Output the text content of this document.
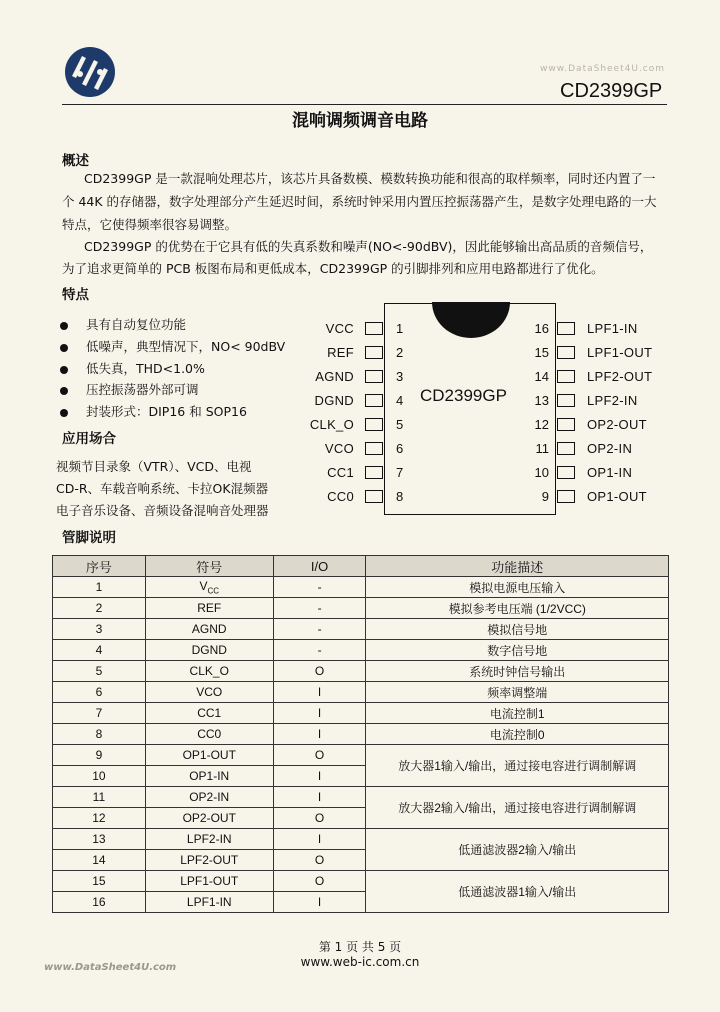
www.DataSheet4U.com
CD2399GP
混响调频调音电路
概述
CD2399GP 是一款混响处理芯片，该芯片具备数模、模数转换功能和很高的取样频率，同时还内置了一
个 44K 的存储器，数字处理部分产生延迟时间，系统时钟采用内置压控振荡器产生，是数字处理电路的一大
特点，它使得频率很容易调整。
CD2399GP 的优势在于它具有低的失真系数和噪声(NO<-90dBV)，因此能够输出高品质的音频信号，
为了追求更简单的 PCB 板图布局和更低成本，CD2399GP 的引脚排列和应用电路都进行了优化。
特点
具有自动复位功能
低噪声，典型情况下，NO< 90dBV
低失真，THD<1.0%
压控振荡器外部可调
封装形式：DIP16 和 SOP16
应用场合
视频节目录象（VTR）、VCD、电视
CD-R、车载音响系统、卡拉OK混频器
电子音乐设备、音频设备混响音处理器
CD2399GP
VCC	1
REF	2
AGND	3
DGND	4
CLK_O	5
VCO	6
CC1	7
CC0	8
16	LPF1-IN
15	LPF1-OUT
14	LPF2-OUT
13	LPF2-IN
12	OP2-OUT
11	OP2-IN
10	OP1-IN
9	OP1-OUT
管脚说明
序号	符号	I/O	功能描述
1	$V_{CC}$	-	模拟电源电压输入
2	REF	-	模拟参考电压端 (1/2VCC)
3	AGND	-	模拟信号地
4	DGND	-	数字信号地
5	CLK_O	O	系统时钟信号输出
6	VCO	I	频率调整端
7	CC1	I	电流控制1
8	CC0	I	电流控制0
9	OP1-OUT	O	放大器1输入/输出，通过接电容进行调制解调
10	OP1-IN	I	
11	OP2-IN	I	放大器2输入/输出，通过接电容进行调制解调
12	OP2-OUT	O	
13	LPF2-IN	I	低通滤波器2输入/输出
14	LPF2-OUT	O	
15	LPF1-OUT	O	低通滤波器1输入/输出
16	LPF1-IN	I	
第 1 页 共 5 页
www.web-ic.com.cn
www.DataSheet4U.com
